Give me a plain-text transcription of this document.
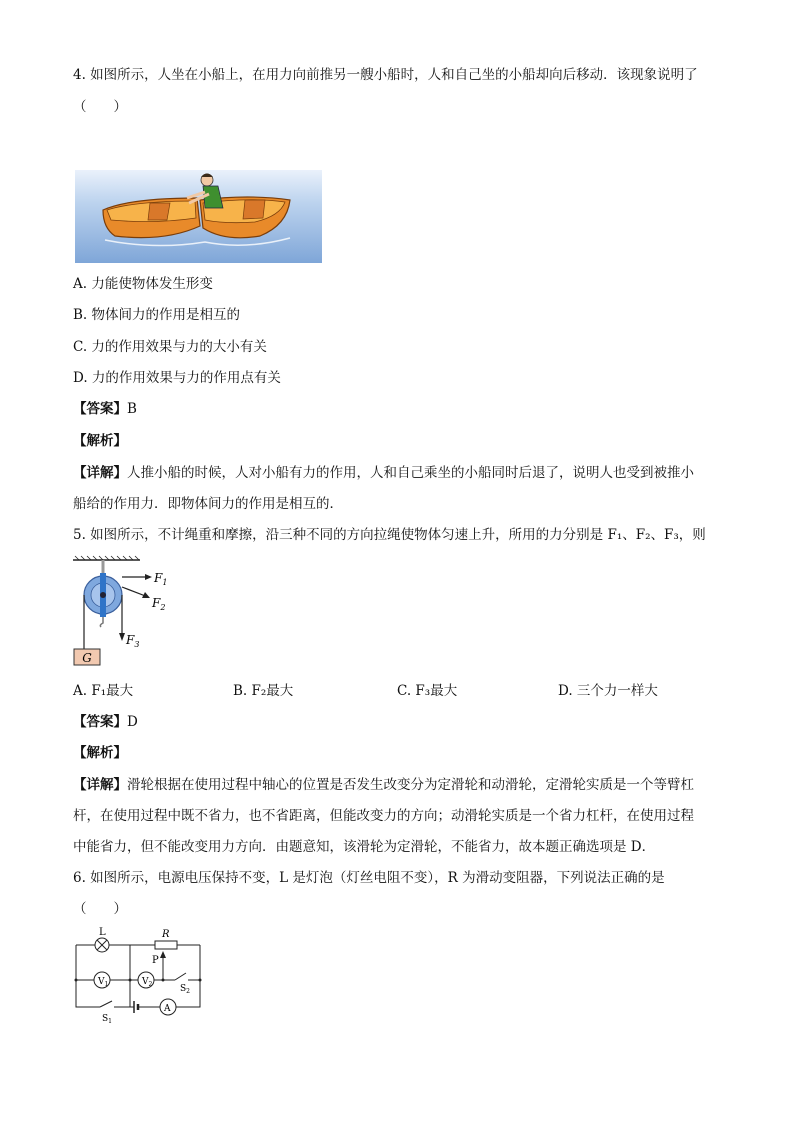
4. 如图所示，人坐在小船上，在用力向前推另一艘小船时，人和自己坐的小船却向后移动．该现象说明了
（　　）
A. 力能使物体发生形变
B. 物体间力的作用是相互的
C. 力的作用效果与力的大小有关
D. 力的作用效果与力的作用点有关
【答案】B
【解析】
【详解】人推小船的时候，人对小船有力的作用，人和自己乘坐的小船同时后退了，说明人也受到被推小
船给的作用力．即物体间力的作用是相互的．
5. 如图所示，不计绳重和摩擦，沿三种不同的方向拉绳使物体匀速上升，所用的力分别是 F₁、F₂、F₃，则
G
$F_1$
$F_2$
$F_3$
A. F₁最大	B. F₂最大	C. F₃最大	D. 三个力一样大
【答案】D
【解析】
【详解】滑轮根据在使用过程中轴心的位置是否发生改变分为定滑轮和动滑轮，定滑轮实质是一个等臂杠
杆，在使用过程中既不省力，也不省距离，但能改变力的方向；动滑轮实质是一个省力杠杆，在使用过程
中能省力，但不能改变用力方向．由题意知，该滑轮为定滑轮，不能省力，故本题正确选项是 D．
6. 如图所示，电源电压保持不变，L 是灯泡（灯丝电阻不变），R 为滑动变阻器，下列说法正确的是
（　　）
L	R
P
$V_1$	$V_2$	$S_2$
$S_1$
A
